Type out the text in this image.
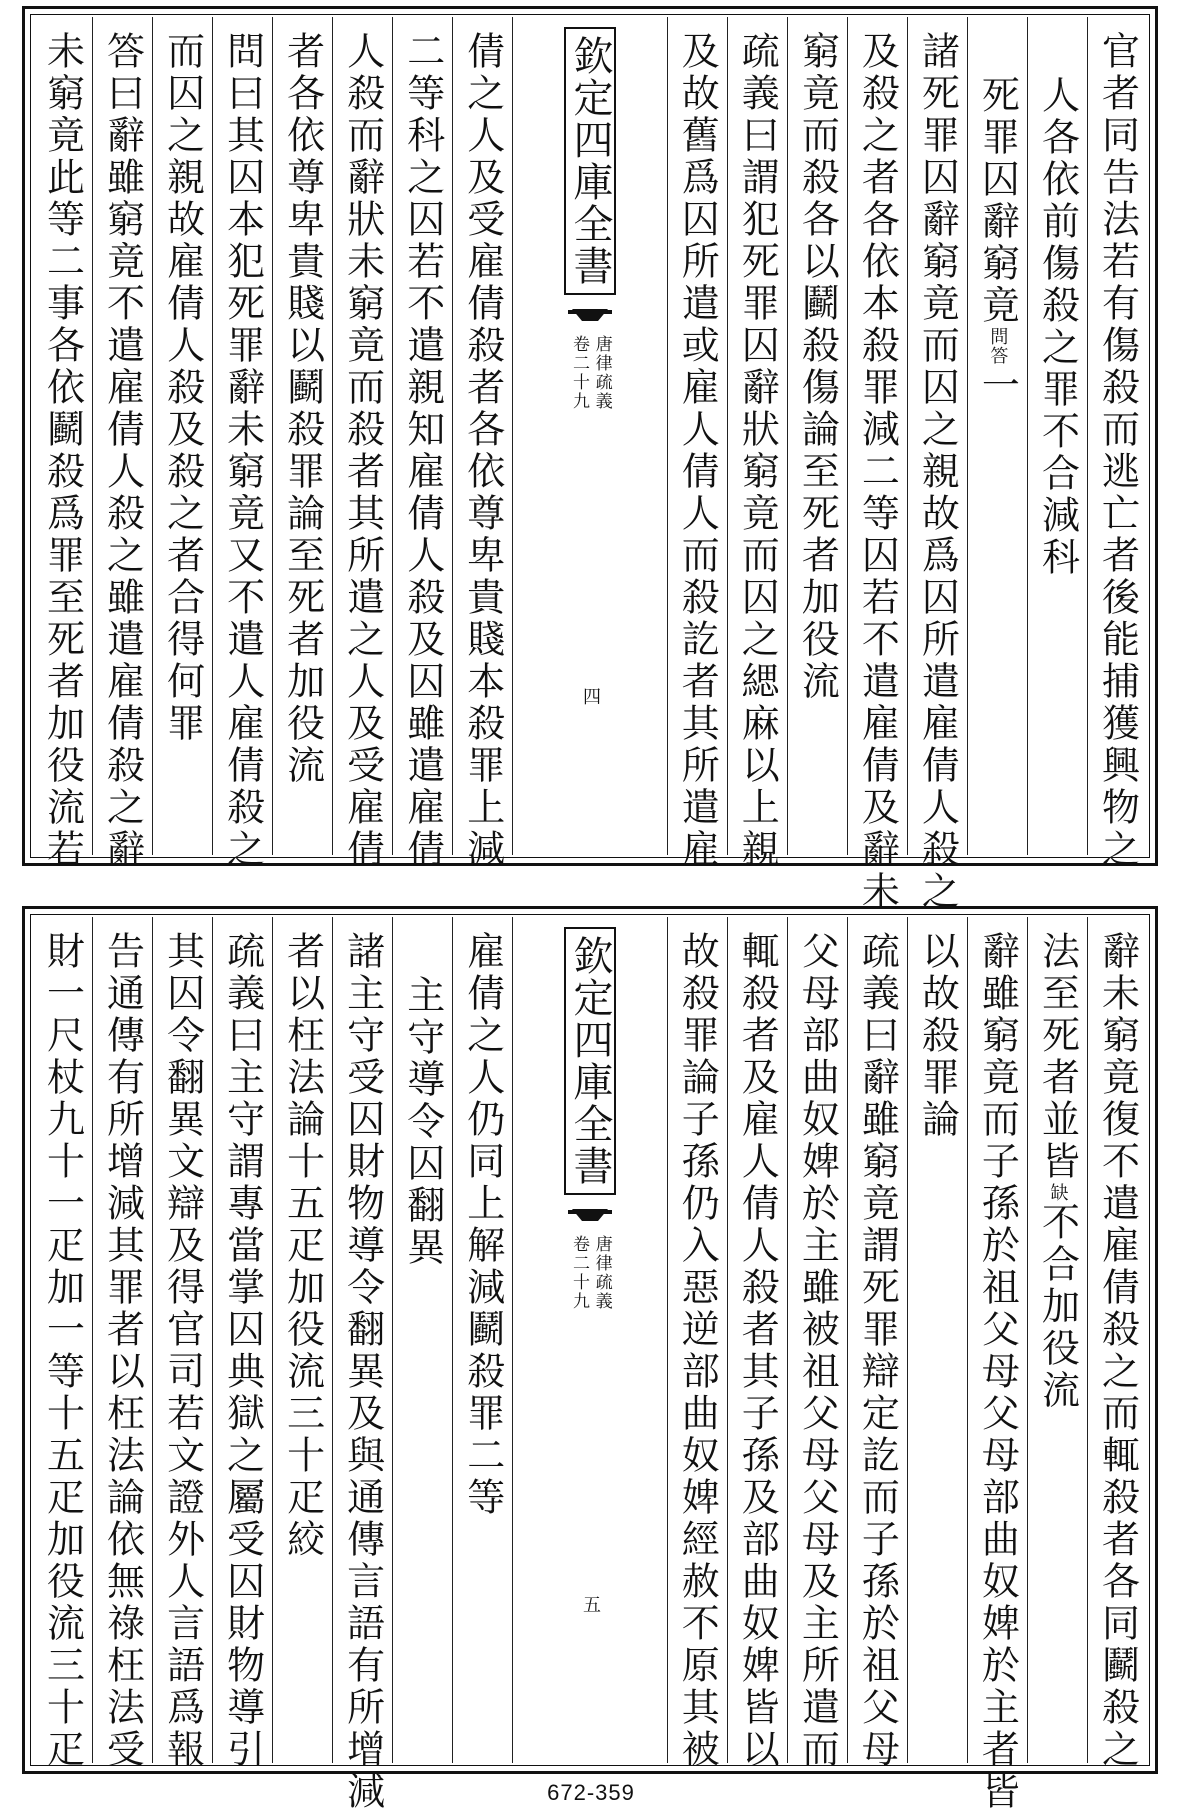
官者同告法若有傷殺而逃亡者後能捕獲興物之
人各依前傷殺之罪不合減科
死罪囚辭窮竟問答一
諸死罪囚辭窮竟而囚之親故爲囚所遣雇倩人殺之
及殺之者各依本殺罪減二等囚若不遣雇倩及辭未
窮竟而殺各以鬬殺傷論至死者加役流
疏義曰謂犯死罪囚辭狀窮竟而囚之緦麻以上親
及故舊爲囚所遣或雇人倩人而殺訖者其所遣雇
欽定四庫全書
唐律疏義
卷二十九
四
倩之人及受雇倩殺者各依尊卑貴賤本殺罪上減
二等科之囚若不遣親知雇倩人殺及囚雖遣雇倩
人殺而辭狀未窮竟而殺者其所遣之人及受雇倩
者各依尊卑貴賤以鬬殺罪論至死者加役流
問曰其囚本犯死罪辭未窮竟又不遣人雇倩殺之
而囚之親故雇倩人殺及殺之者合得何罪
答曰辭雖窮竟不遣雇倩人殺之雖遣雇倩殺之辭
未窮竟此等二事各依鬬殺爲罪至死者加役流若
辭未窮竟復不遣雇倩殺之而輒殺者各同鬬殺之
法至死者並皆缺不合加役流
辭雖窮竟而子孫於祖父母父母部曲奴婢於主者皆
以故殺罪論
疏義曰辭雖窮竟謂死罪辯定訖而子孫於祖父母
父母部曲奴婢於主雖被祖父母父母及主所遣而
輒殺者及雇人倩人殺者其子孫及部曲奴婢皆以
故殺罪論子孫仍入惡逆部曲奴婢經赦不原其被
欽定四庫全書
唐律疏義
卷二十九
五
雇倩之人仍同上解減鬬殺罪二等
主守導令囚翻異
諸主守受囚財物導令翻異及與通傳言語有所增減
者以枉法論十五疋加役流三十疋絞
疏義曰主守謂專當掌囚典獄之屬受囚財物導引
其囚令翻異文辯及得官司若文證外人言語爲報
告通傳有所增減其罪者以枉法論依無祿枉法受
財一尺杖九十一疋加一等十五疋加役流三十疋
672-359
